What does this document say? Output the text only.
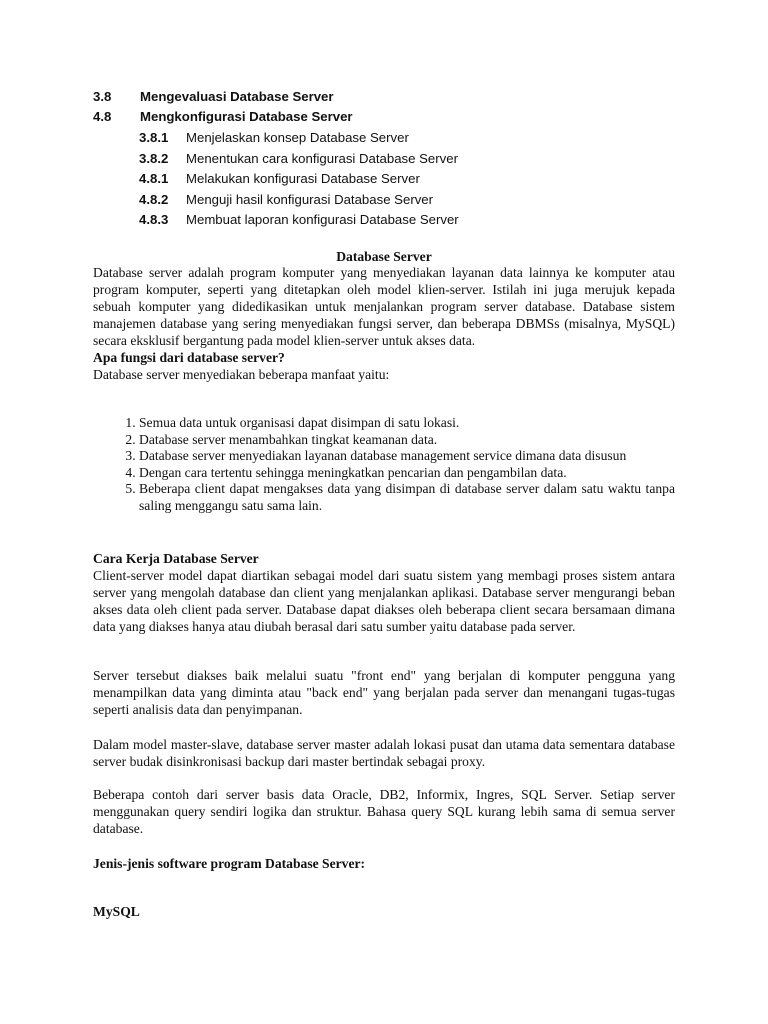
3.8 Mengevaluasi Database Server
4.8 Mengkonfigurasi Database Server
3.8.1 Menjelaskan konsep Database Server
3.8.2 Menentukan cara konfigurasi Database Server
4.8.1 Melakukan konfigurasi Database Server
4.8.2 Menguji hasil konfigurasi Database Server
4.8.3 Membuat laporan konfigurasi Database Server
Database Server

Database server adalah program komputer yang menyediakan layanan data lainnya ke komputer atau program komputer, seperti yang ditetapkan oleh model klien-server. Istilah ini juga merujuk kepada sebuah komputer yang didedikasikan untuk menjalankan program server database. Database sistem manajemen database yang sering menyediakan fungsi server, dan beberapa DBMSs (misalnya, MySQL) secara eksklusif bergantung pada model klien-server untuk akses data.

Apa fungsi dari database server?

Database server menyediakan beberapa manfaat yaitu:

1. Semua data untuk organisasi dapat disimpan di satu lokasi.
2. Database server menambahkan tingkat keamanan data.
3. Database server menyediakan layanan database management service dimana data disusun
4. Dengan cara tertentu sehingga meningkatkan pencarian dan pengambilan data.
5. Beberapa client dapat mengakses data yang disimpan di database server dalam satu waktu tanpa saling menggangu satu sama lain.

Cara Kerja Database Server

Client-server model dapat diartikan sebagai model dari suatu sistem yang membagi proses sistem antara server yang mengolah database dan client yang menjalankan aplikasi. Database server mengurangi beban akses data oleh client pada server. Database dapat diakses oleh beberapa client secara bersamaan dimana data yang diakses hanya atau diubah berasal dari satu sumber yaitu database pada server.

Server tersebut diakses baik melalui suatu "front end" yang berjalan di komputer pengguna yang menampilkan data yang diminta atau "back end" yang berjalan pada server dan menangani tugas-tugas seperti analisis data dan penyimpanan.
Dalam model master-slave, database server master adalah lokasi pusat dan utama data sementara database server budak disinkronisasi backup dari master bertindak sebagai proxy.
Beberapa contoh dari server basis data Oracle, DB2, Informix, Ingres, SQL Server. Setiap server menggunakan query sendiri logika dan struktur. Bahasa query SQL kurang lebih sama di semua server database.
Jenis-jenis software program Database Server:
MySQL
